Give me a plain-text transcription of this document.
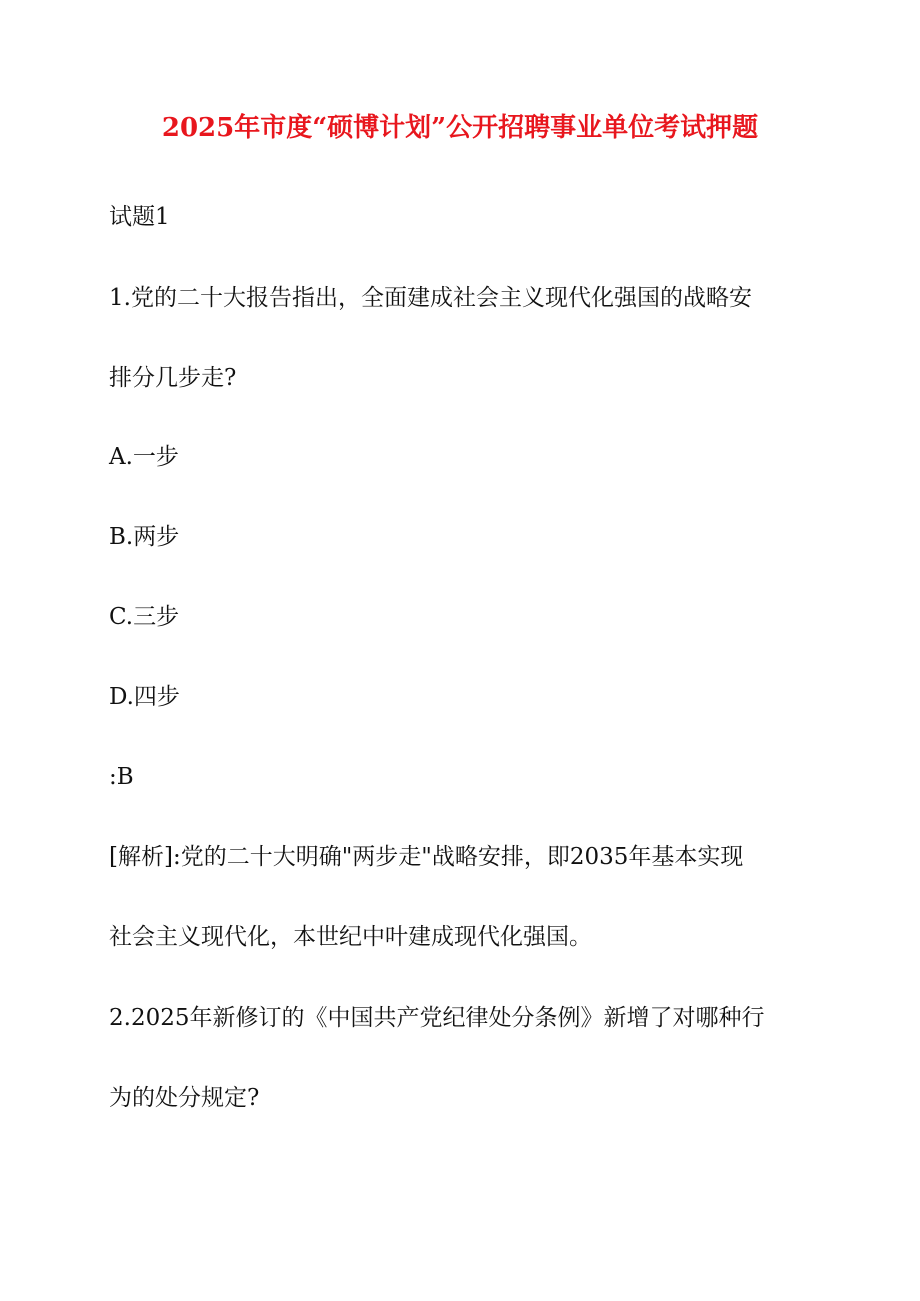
2025年市度“硕博计划”公开招聘事业单位考试押题
试题1
1.党的二十大报告指出，全面建成社会主义现代化强国的战略安
排分几步走?
A.一步
B.两步
C.三步
D.四步
:B
[解析]:党的二十大明确"两步走"战略安排，即2035年基本实现
社会主义现代化，本世纪中叶建成现代化强国。
2.2025年新修订的《中国共产党纪律处分条例》新增了对哪种行
为的处分规定?
